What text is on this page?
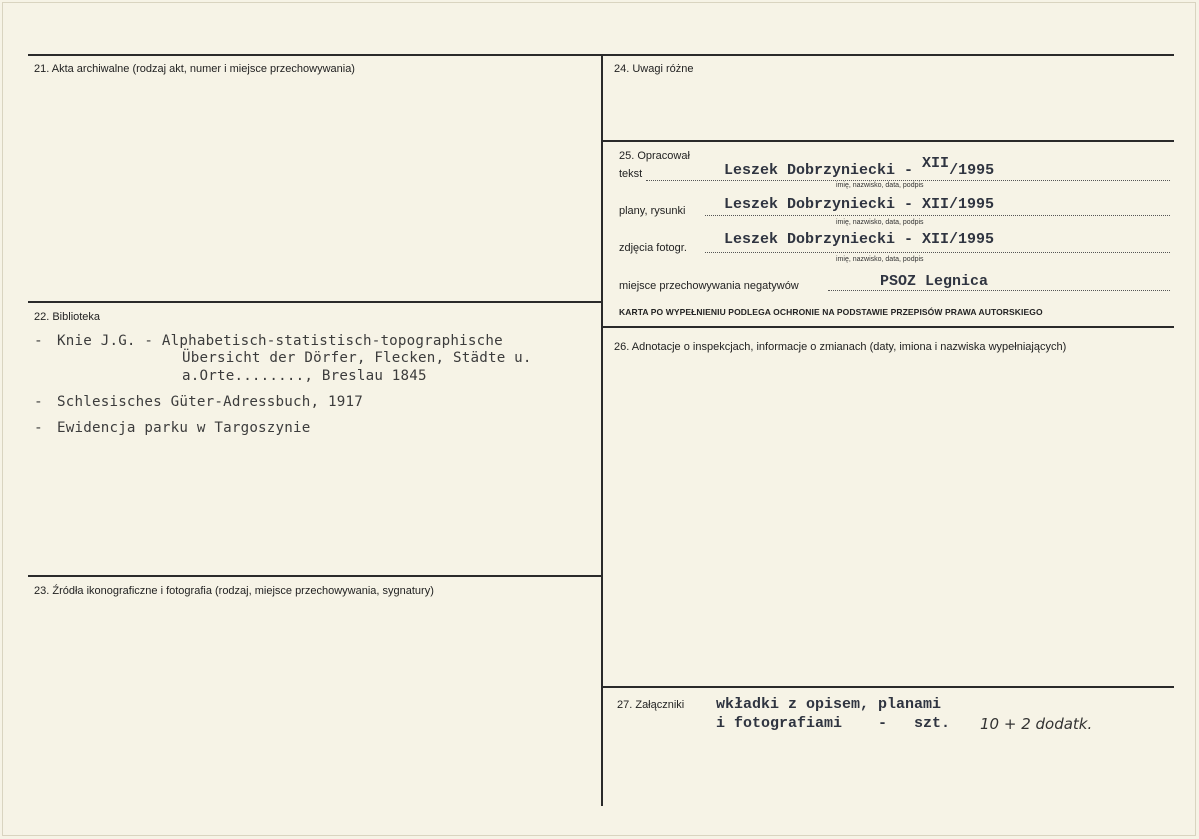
21. Akta archiwalne (rodzaj akt, numer i miejsce przechowywania)
22. Biblioteka
- Knie J.G. - Alphabetisch-statistisch-topographische
Übersicht der Dörfer, Flecken, Städte u.
a.Orte........, Breslau 1845
- Schlesisches Güter-Adressbuch, 1917
- Ewidencja parku w Targoszynie
23. Źródła ikonograficzne i fotografia (rodzaj, miejsce przechowywania, sygnatury)
24. Uwagi różne
25. Opracował
tekst	Leszek Dobrzyniecki - XII/1995
imię, nazwisko, data, podpis
plany, rysunki	Leszek Dobrzyniecki - XII/1995
imię, nazwisko, data, podpis
zdjęcia fotogr. Leszek Dobrzyniecki - XII/1995
imię, nazwisko, data, podpis
miejsce przechowywania negatywów	PSOZ Legnica
KARTA PO WYPEŁNIENIU PODLEGA OCHRONIE NA PODSTAWIE PRZEPISÓW PRAWA AUTORSKIEGO
26. Adnotacje o inspekcjach, informacje o zmianach (daty, imiona i nazwiska wypełniających)
27. Załączniki wkładki z opisem, planami
i fotografiami    -   szt. 10 + 2 dodatk.
